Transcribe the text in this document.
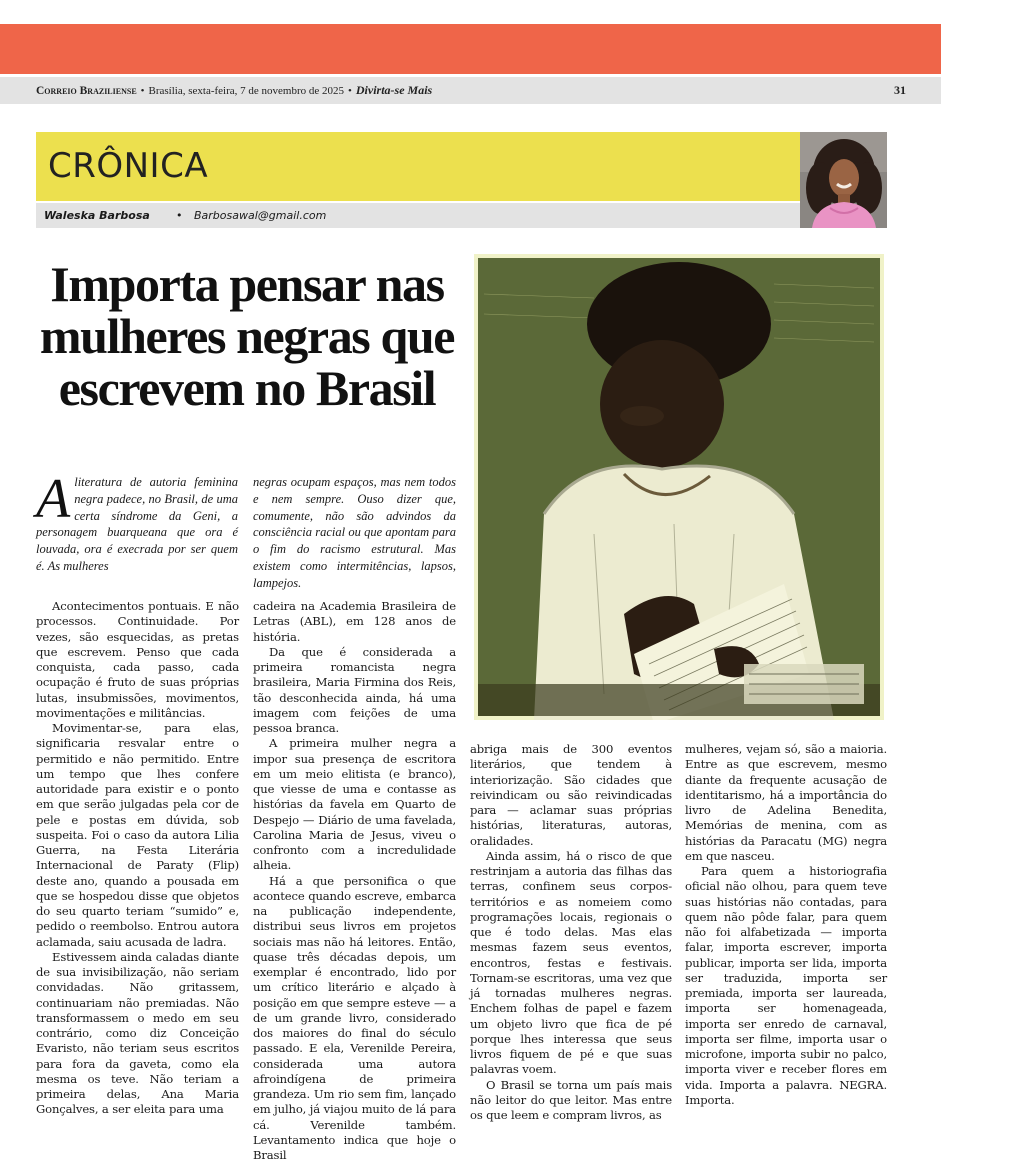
Correio Braziliense • Brasília, sexta-feira, 7 de novembro de 2025 • Divirta-se Mais	31
CRÔNICA
Waleska Barbosa • Barbosawal@gmail.com
Importa pensar nas mulheres negras que escrevem no Brasil

Aliteratura de autoria feminina negra padece, no Brasil, de uma certa síndrome da Geni, a personagem buarqueana que ora é louvada, ora é execrada por ser quem é. As mulheres

negras ocupam espaços, mas nem todos e nem sempre. Ouso dizer que, comumente, não são advindos da consciência racial ou que apontam para o fim do racismo estrutural. Mas existem como intermitências, lapsos, lampejos.

Acontecimentos pontuais. E não processos. Continuidade. Por vezes, são esquecidas, as pretas que escrevem. Penso que cada conquista, cada passo, cada ocupação é fruto de suas próprias lutas, insubmissões, movimentos, movimentações e militâncias.

Movimentar-se, para elas, significaria resvalar entre o permitido e não permitido. Entre um tempo que lhes confere autoridade para existir e o ponto em que serão julgadas pela cor de pele e postas em dúvida, sob suspeita. Foi o caso da autora Lilia Guerra, na Festa Literária Internacional de Paraty (Flip) deste ano, quando a pousada em que se hospedou disse que objetos do seu quarto teriam “sumido” e, pedido o reembolso. Entrou autora aclamada, saiu acusada de ladra.

Estivessem ainda caladas diante de sua invisibilização, não seriam convidadas. Não gritassem, continuariam não premiadas. Não transformassem o medo em seu contrário, como diz Conceição Evaristo, não teriam seus escritos para fora da gaveta, como ela mesma os teve. Não teriam a primeira delas, Ana Maria Gonçalves, a ser eleita para uma

cadeira na Academia Brasileira de Letras (ABL), em 128 anos de história.

Da que é considerada a primeira romancista negra brasileira, Maria Firmina dos Reis, tão desconhecida ainda, há uma imagem com feições de uma pessoa branca.

A primeira mulher negra a impor sua presença de escritora em um meio elitista (e branco), que viesse de uma e contasse as histórias da favela em Quarto de Despejo — Diário de uma favelada, Carolina Maria de Jesus, viveu o confronto com a incredulidade alheia.

Há a que personifica o que acontece quando escreve, embarca na publicação independente, distribui seus livros em projetos sociais mas não há leitores. Então, quase três décadas depois, um exemplar é encontrado, lido por um crítico literário e alçado à posição em que sempre esteve — a de um grande livro, considerado dos maiores do final do século passado. E ela, Verenilde Pereira, considerada uma autora afroindígena de primeira grandeza. Um rio sem fim, lançado em julho, já viajou muito de lá para cá. Verenilde também. Levantamento indica que hoje o Brasil

abriga mais de 300 eventos literários, que tendem à interiorização. São cidades que reivindicam ou são reivindicadas para — aclamar suas próprias histórias, literaturas, autoras, oralidades.

Ainda assim, há o risco de que restrinjam a autoria das filhas das terras, confinem seus corpos-territórios e as nomeiem como programações locais, regionais o que é todo delas. Mas elas mesmas fazem seus eventos, encontros, festas e festivais. Tornam-se escritoras, uma vez que já tornadas mulheres negras. Enchem folhas de papel e fazem um objeto livro que fica de pé porque lhes interessa que seus livros fiquem de pé e que suas palavras voem.

O Brasil se torna um país mais não leitor do que leitor. Mas entre os que leem e compram livros, as

mulheres, vejam só, são a maioria. Entre as que escrevem, mesmo diante da frequente acusação de identitarismo, há a importância do livro de Adelina Benedita, Memórias de menina, com as histórias da Paracatu (MG) negra em que nasceu.

Para quem a historiografia oficial não olhou, para quem teve suas histórias não contadas, para quem não pôde falar, para quem não foi alfabetizada — importa falar, importa escrever, importa publicar, importa ser lida, importa ser traduzida, importa ser premiada, importa ser laureada, importa ser homenageada, importa ser enredo de carnaval, importa ser filme, importa usar o microfone, importa subir no palco, importa viver e receber flores em vida. Importa a palavra. NEGRA. Importa.
